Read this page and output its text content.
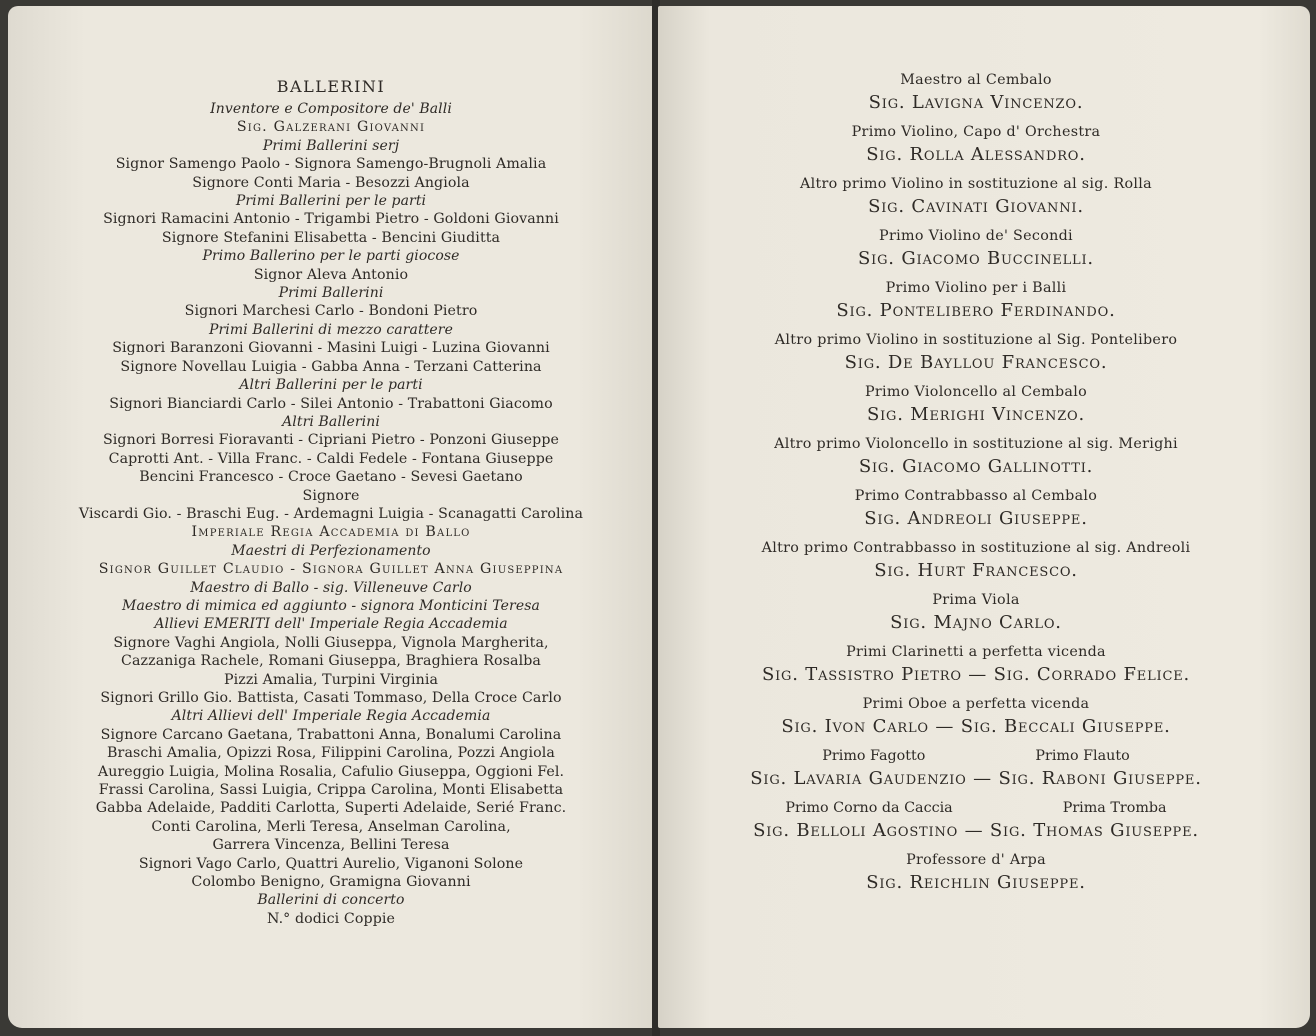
BALLERINI
Inventore e Compositore de' Balli
Sig. Galzerani Giovanni
Primi Ballerini serj
Signor Samengo Paolo - Signora Samengo-Brugnoli Amalia
Signore Conti Maria - Besozzi Angiola
Primi Ballerini per le parti
Signori Ramacini Antonio - Trigambi Pietro - Goldoni Giovanni
Signore Stefanini Elisabetta - Bencini Giuditta
Primo Ballerino per le parti giocose
Signor Aleva Antonio
Primi Ballerini
Signori Marchesi Carlo - Bondoni Pietro
Primi Ballerini di mezzo carattere
Signori Baranzoni Giovanni - Masini Luigi - Luzina Giovanni
Signore Novellau Luigia - Gabba Anna - Terzani Catterina
Altri Ballerini per le parti
Signori Bianciardi Carlo - Silei Antonio - Trabattoni Giacomo
Altri Ballerini
Signori Borresi Fioravanti - Cipriani Pietro - Ponzoni Giuseppe
Caprotti Ant. - Villa Franc. - Caldi Fedele - Fontana Giuseppe
Bencini Francesco - Croce Gaetano - Sevesi Gaetano
Signore
Viscardi Gio. - Braschi Eug. - Ardemagni Luigia - Scanagatti Carolina
Imperiale Regia Accademia di Ballo
Maestri di Perfezionamento
Signor Guillet Claudio - Signora Guillet Anna Giuseppina
Maestro di Ballo - sig. Villeneuve Carlo
Maestro di mimica ed aggiunto - signora Monticini Teresa
Allievi EMERITI dell' Imperiale Regia Accademia
Signore Vaghi Angiola, Nolli Giuseppa, Vignola Margherita,
Cazzaniga Rachele, Romani Giuseppa, Braghiera Rosalba
Pizzi Amalia, Turpini Virginia
Signori Grillo Gio. Battista, Casati Tommaso, Della Croce Carlo
Altri Allievi dell' Imperiale Regia Accademia
Signore Carcano Gaetana, Trabattoni Anna, Bonalumi Carolina
Braschi Amalia, Opizzi Rosa, Filippini Carolina, Pozzi Angiola
Aureggio Luigia, Molina Rosalia, Cafulio Giuseppa, Oggioni Fel.
Frassi Carolina, Sassi Luigia, Crippa Carolina, Monti Elisabetta
Gabba Adelaide, Padditi Carlotta, Superti Adelaide, Serié Franc.
Conti Carolina, Merli Teresa, Anselman Carolina,
Garrera Vincenza, Bellini Teresa
Signori Vago Carlo, Quattri Aurelio, Viganoni Solone
Colombo Benigno, Gramigna Giovanni
Ballerini di concerto
N.° dodici Coppie
Maestro al Cembalo
Sig. Lavigna Vincenzo.
Primo Violino, Capo d' Orchestra
Sig. Rolla Alessandro.
Altro primo Violino in sostituzione al sig. Rolla
Sig. Cavinati Giovanni.
Primo Violino de' Secondi
Sig. Giacomo Buccinelli.
Primo Violino per i Balli
Sig. Pontelibero Ferdinando.
Altro primo Violino in sostituzione al Sig. Pontelibero
Sig. De Bayllou Francesco.
Primo Violoncello al Cembalo
Sig. Merighi Vincenzo.
Altro primo Violoncello in sostituzione al sig. Merighi
Sig. Giacomo Gallinotti.
Primo Contrabbasso al Cembalo
Sig. Andreoli Giuseppe.
Altro primo Contrabbasso in sostituzione al sig. Andreoli
Sig. Hurt Francesco.
Prima Viola
Sig. Majno Carlo.
Primi Clarinetti a perfetta vicenda
Sig. Tassistro Pietro — Sig. Corrado Felice.
Primi Oboe a perfetta vicenda
Sig. Ivon Carlo — Sig. Beccali Giuseppe.
Primo Fagotto	Primo Flauto
Sig. Lavaria Gaudenzio — Sig. Raboni Giuseppe.
Primo Corno da Caccia	Prima Tromba
Sig. Belloli Agostino — Sig. Thomas Giuseppe.
Professore d' Arpa
Sig. Reichlin Giuseppe.
